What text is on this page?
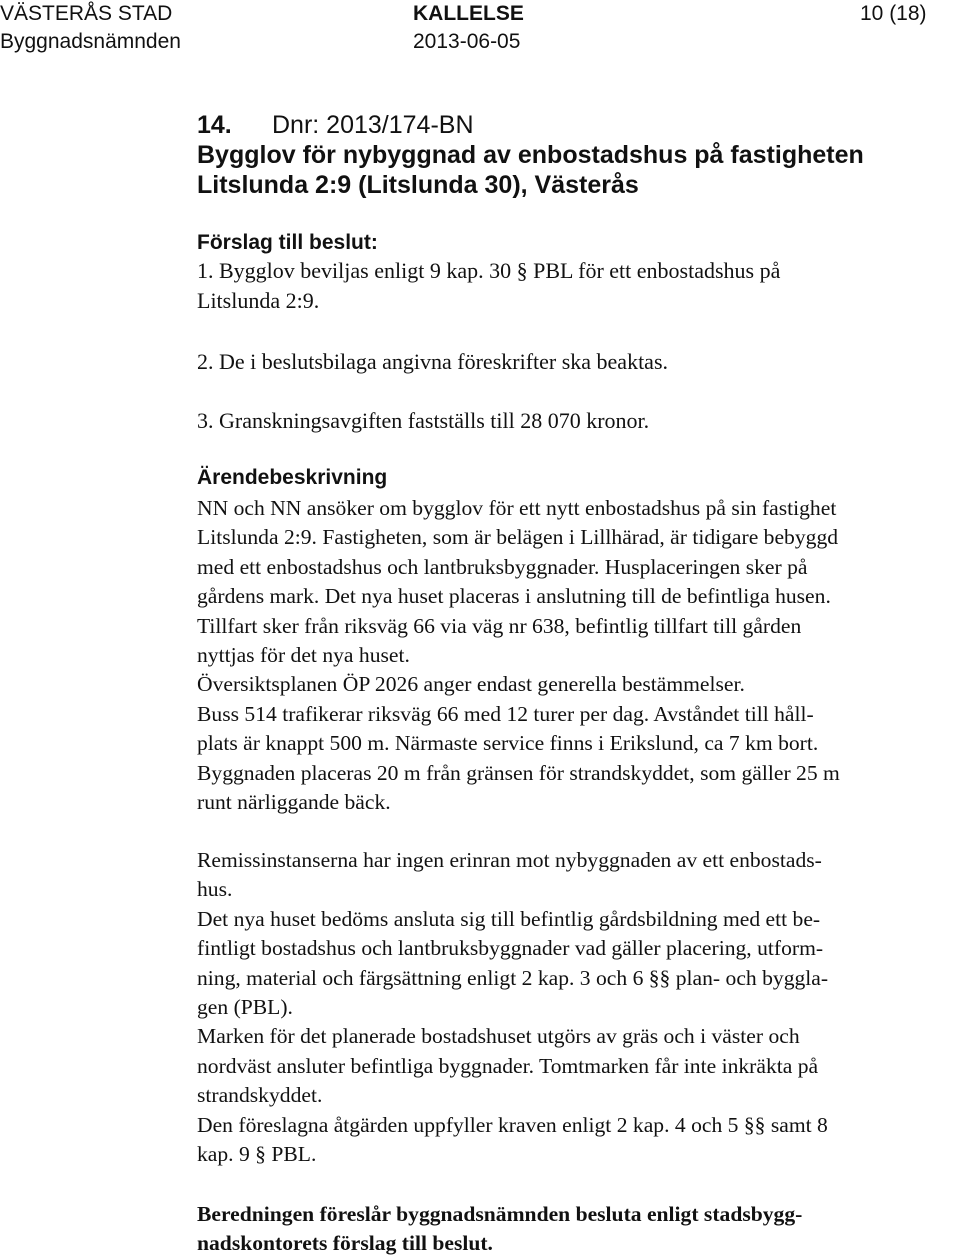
VÄSTERÅS STAD
Byggnadsnämnden
KALLELSE
2013-06-05
10 (18)
14. Dnr: 2013/174-BN
Bygglov för nybyggnad av enbostadshus på fastigheten
Litslunda 2:9 (Litslunda 30), Västerås
Förslag till beslut:
1. Bygglov beviljas enligt 9 kap. 30 § PBL för ett enbostadshus på
Litslunda 2:9.
2. De i beslutsbilaga angivna föreskrifter ska beaktas.
3. Granskningsavgiften fastställs till 28 070 kronor.
Ärendebeskrivning
NN och NN ansöker om bygglov för ett nytt enbostadshus på sin fastighet
Litslunda 2:9. Fastigheten, som är belägen i Lillhärad, är tidigare bebyggd
med ett enbostadshus och lantbruksbyggnader. Husplaceringen sker på
gårdens mark. Det nya huset placeras i anslutning till de befintliga husen.
Tillfart sker från riksväg 66 via väg nr 638, befintlig tillfart till gården
nyttjas för det nya huset.
Översiktsplanen ÖP 2026 anger endast generella bestämmelser.
Buss 514 trafikerar riksväg 66 med 12 turer per dag. Avståndet till håll-
plats är knappt 500 m. Närmaste service finns i Erikslund, ca 7 km bort.
Byggnaden placeras 20 m från gränsen för strandskyddet, som gäller 25 m
runt närliggande bäck.
Remissinstanserna har ingen erinran mot nybyggnaden av ett enbostads-
hus.
Det nya huset bedöms ansluta sig till befintlig gårdsbildning med ett be-
fintligt bostadshus och lantbruksbyggnader vad gäller placering, utform-
ning, material och färgsättning enligt 2 kap. 3 och 6 §§ plan- och byggla-
gen (PBL).
Marken för det planerade bostadshuset utgörs av gräs och i väster och
nordväst ansluter befintliga byggnader. Tomtmarken får inte inkräkta på
strandskyddet.
Den föreslagna åtgärden uppfyller kraven enligt 2 kap. 4 och 5 §§ samt 8
kap. 9 § PBL.
Beredningen föreslår byggnadsnämnden besluta enligt stadsbygg-
nadskontorets förslag till beslut.
